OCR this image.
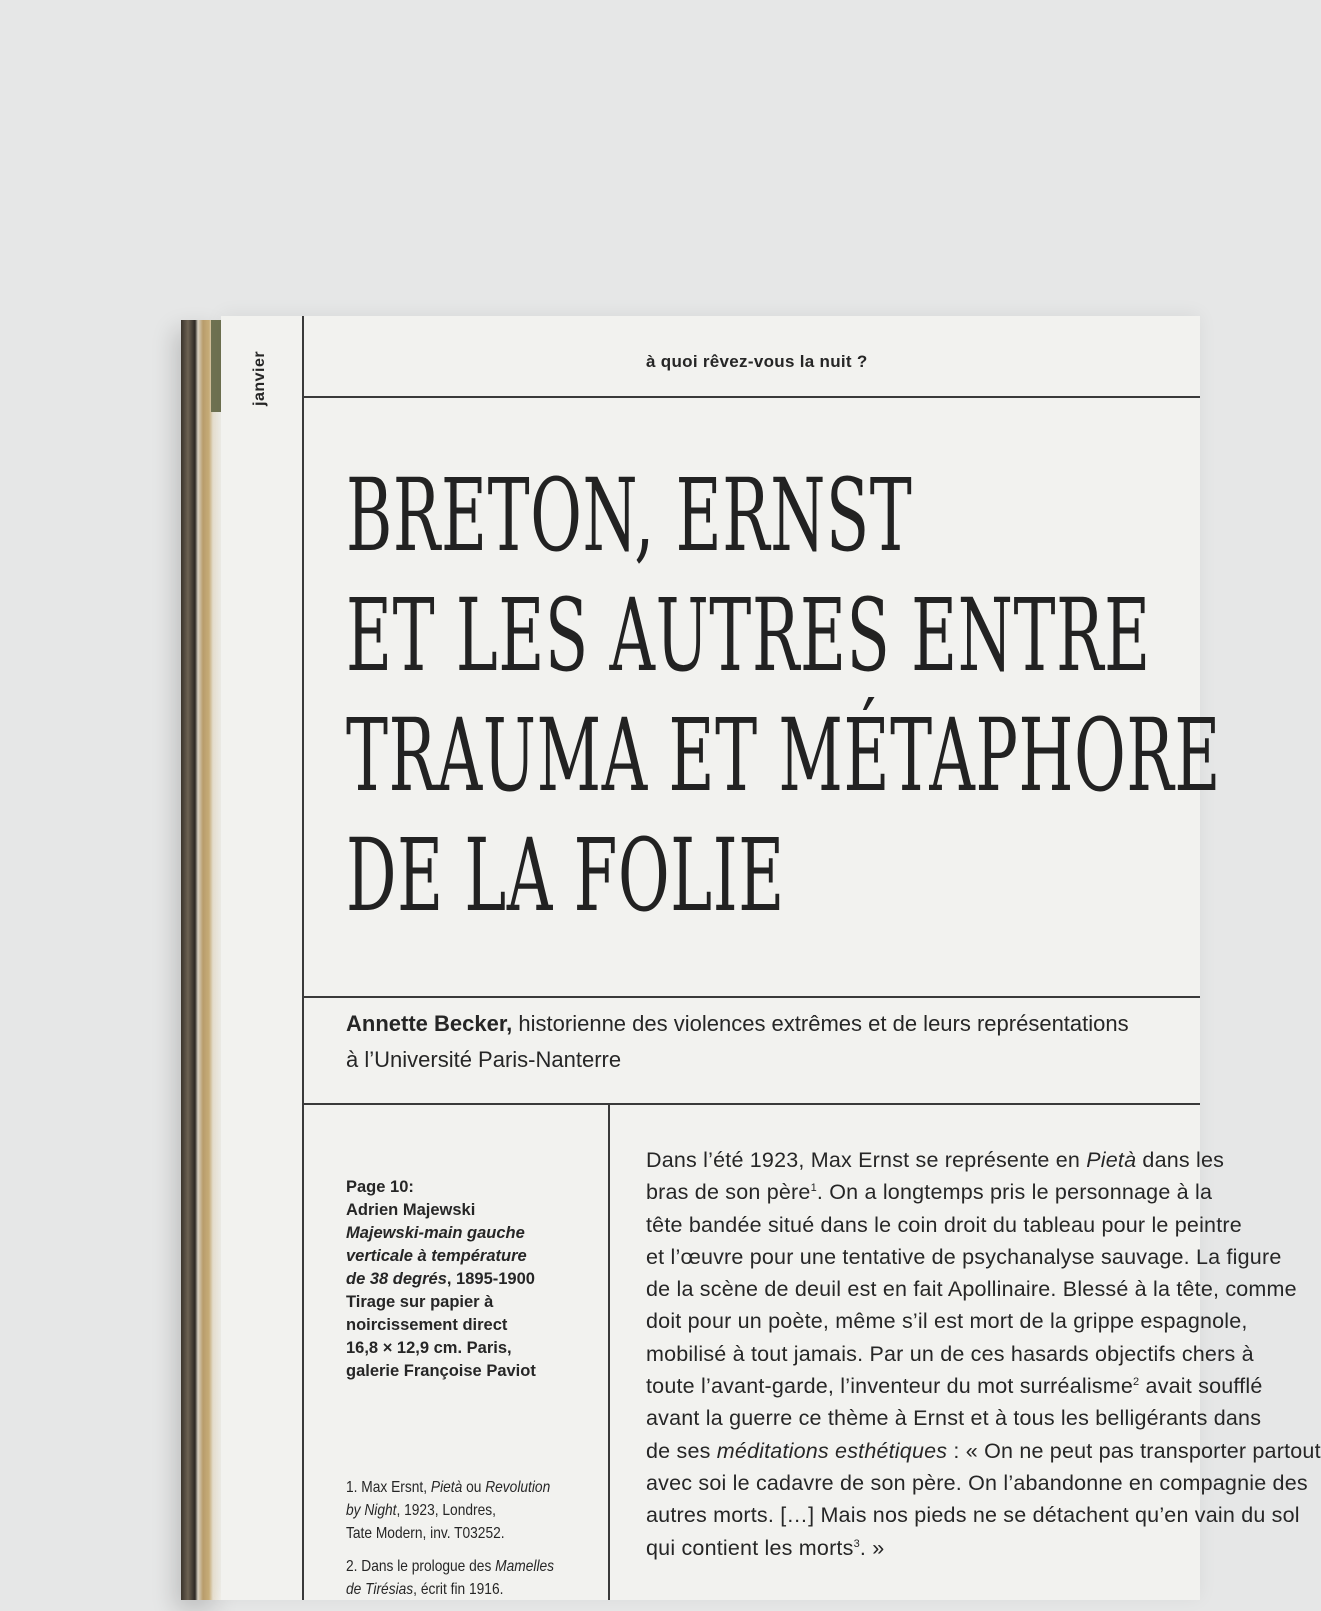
janvier	à quoi rêvez-vous la nuit ?
BRETON, ERNST
ET LES AUTRES ENTRE
TRAUMA ET MÉTAPHORE
DE LA FOLIE
Annette Becker, historienne des violences extrêmes et de leurs représentations
à l’Université Paris-Nanterre
Page 10:
Adrien Majewski
Majewski-main gauche
verticale à température
de 38 degrés, 1895-1900
Tirage sur papier à
noircissement direct
16,8 × 12,9 cm. Paris,
galerie Françoise Paviot
1. Max Ersnt, Pietà ou Revolution
by Night, 1923, Londres,
Tate Modern, inv. T03252.
2. Dans le prologue des Mamelles
de Tirésias, écrit fin 1916.
Dans l’été 1923, Max Ernst se représente en Pietà dans les
bras de son père$^1$. On a longtemps pris le personnage à la
tête bandée situé dans le coin droit du tableau pour le peintre
et l’œuvre pour une tentative de psychanalyse sauvage. La figure
de la scène de deuil est en fait Apollinaire. Blessé à la tête, comme
doit pour un poète, même s’il est mort de la grippe espagnole,
mobilisé à tout jamais. Par un de ces hasards objectifs chers à
toute l’avant-garde, l’inventeur du mot surréalisme$^2$ avait soufflé
avant la guerre ce thème à Ernst et à tous les belligérants dans
de ses méditations esthétiques : « On ne peut pas transporter partout
avec soi le cadavre de son père. On l’abandonne en compagnie des
autres morts. […] Mais nos pieds ne se détachent qu’en vain du sol
qui contient les morts$^3$. »
